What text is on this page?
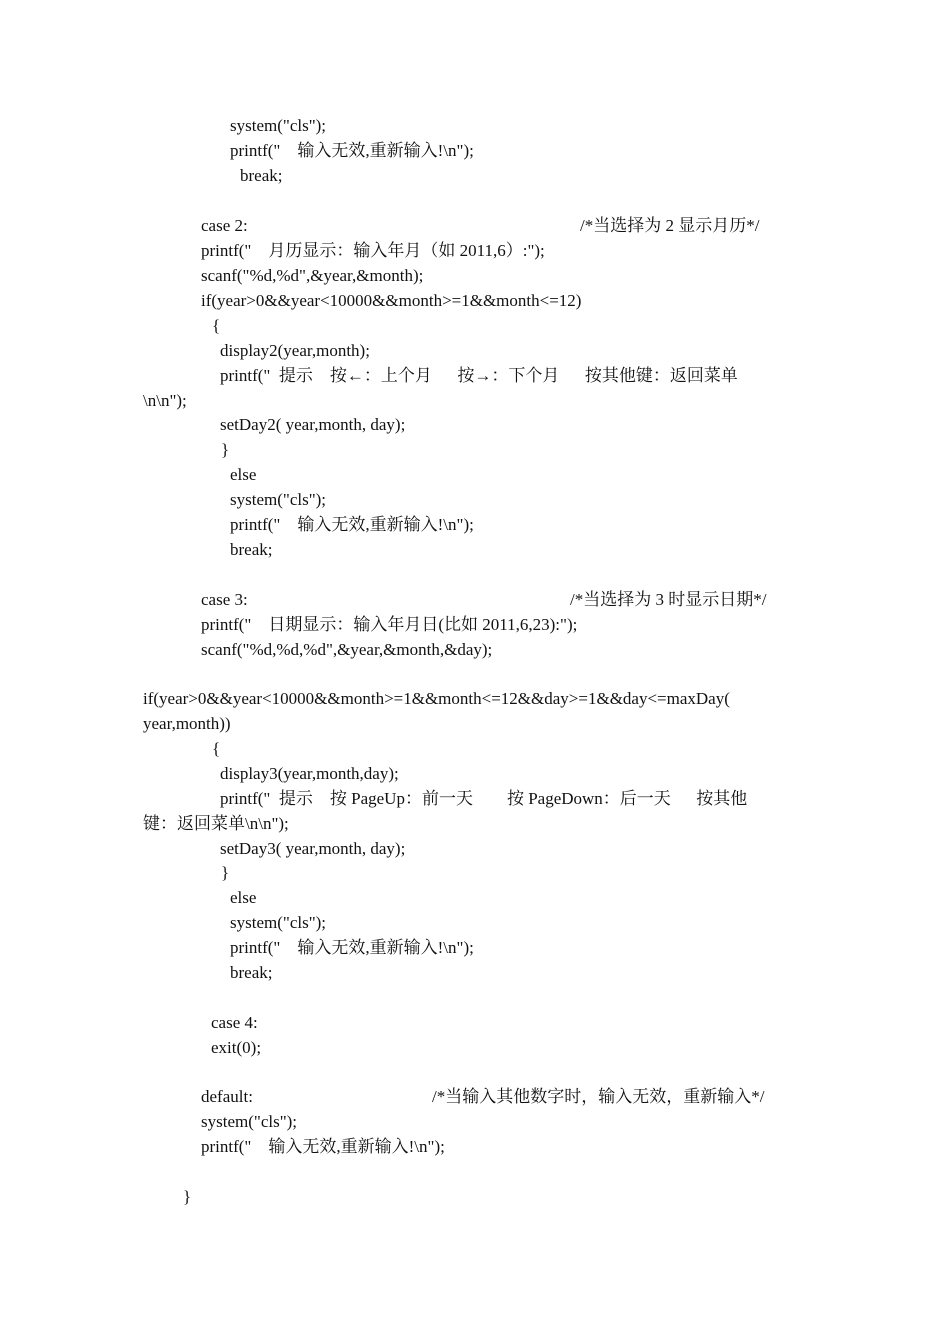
system("cls");
printf("    输入无效,重新输入!\n");
break;
case 2:	/*当选择为 2 显示月历*/
printf("    月历显示：输入年月（如 2011,6）:");
scanf("%d,%d",&year,&month);
if(year>0&&year<10000&&month>=1&&month<=12)
{
display2(year,month);
printf("  提示    按←：上个月      按→：下个月      按其他键：返回菜单
\n\n");
setDay2( year,month, day);
}
else
system("cls");
printf("    输入无效,重新输入!\n");
break;
case 3:	/*当选择为 3 时显示日期*/
printf("    日期显示：输入年月日(比如 2011,6,23):");
scanf("%d,%d,%d",&year,&month,&day);
if(year>0&&year<10000&&month>=1&&month<=12&&day>=1&&day<=maxDay(
year,month))
{
display3(year,month,day);
printf("  提示    按 PageUp：前一天        按 PageDown：后一天      按其他
键：返回菜单\n\n");
setDay3( year,month, day);
}
else
system("cls");
printf("    输入无效,重新输入!\n");
break;
case 4:
exit(0);
default:	/*当输入其他数字时，输入无效，重新输入*/
system("cls");
printf("    输入无效,重新输入!\n");
}
